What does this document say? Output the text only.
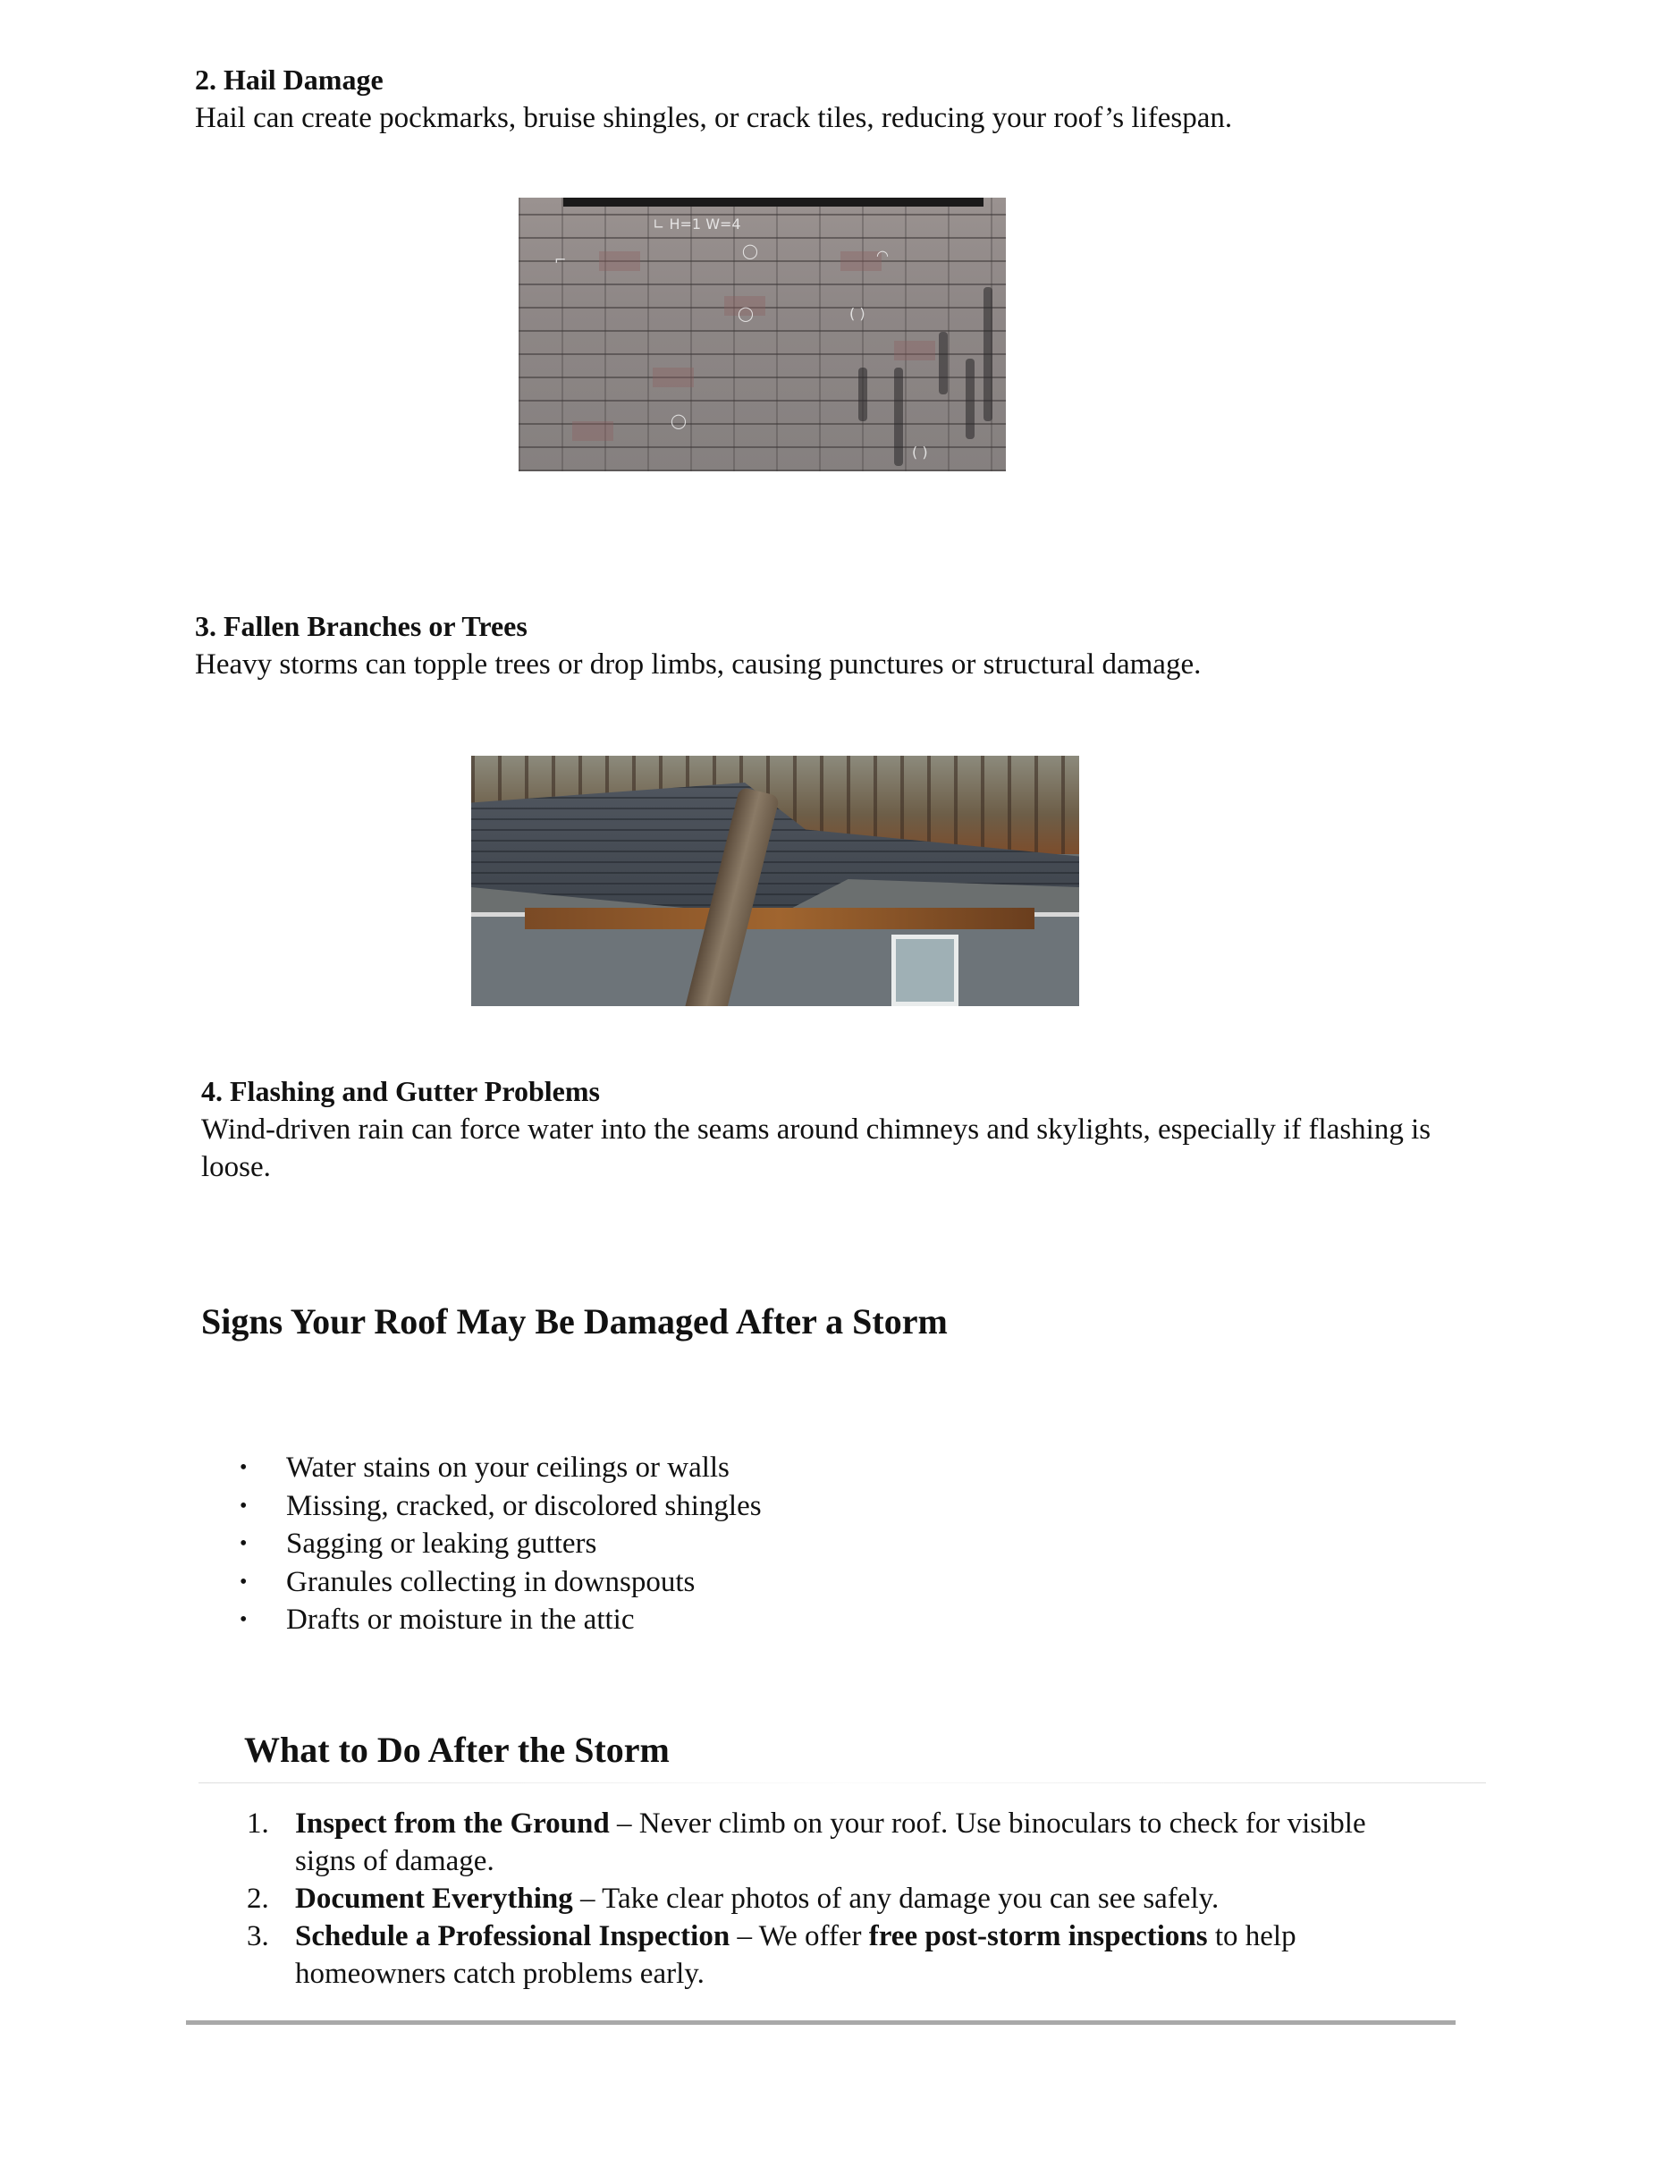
2. Hail Damage
Hail can create pockmarks, bruise shingles, or crack tiles, reducing your roof’s lifespan.
∟ H=1 W=4
⌐
◯	◠
◯	( )
◯
( )
3. Fallen Branches or Trees
Heavy storms can topple trees or drop limbs, causing punctures or structural damage.
4. Flashing and Gutter Problems
Wind-driven rain can force water into the seams around chimneys and skylights, especially if flashing is loose.
Signs Your Roof May Be Damaged After a Storm
• Water stains on your ceilings or walls
• Missing, cracked, or discolored shingles
• Sagging or leaking gutters
• Granules collecting in downspouts
• Drafts or moisture in the attic
What to Do After the Storm
1. Inspect from the Ground – Never climb on your roof. Use binoculars to check for visible signs of damage.
2. Document Everything – Take clear photos of any damage you can see safely.
3. Schedule a Professional Inspection – We offer free post-storm inspections to help homeowners catch problems early.
